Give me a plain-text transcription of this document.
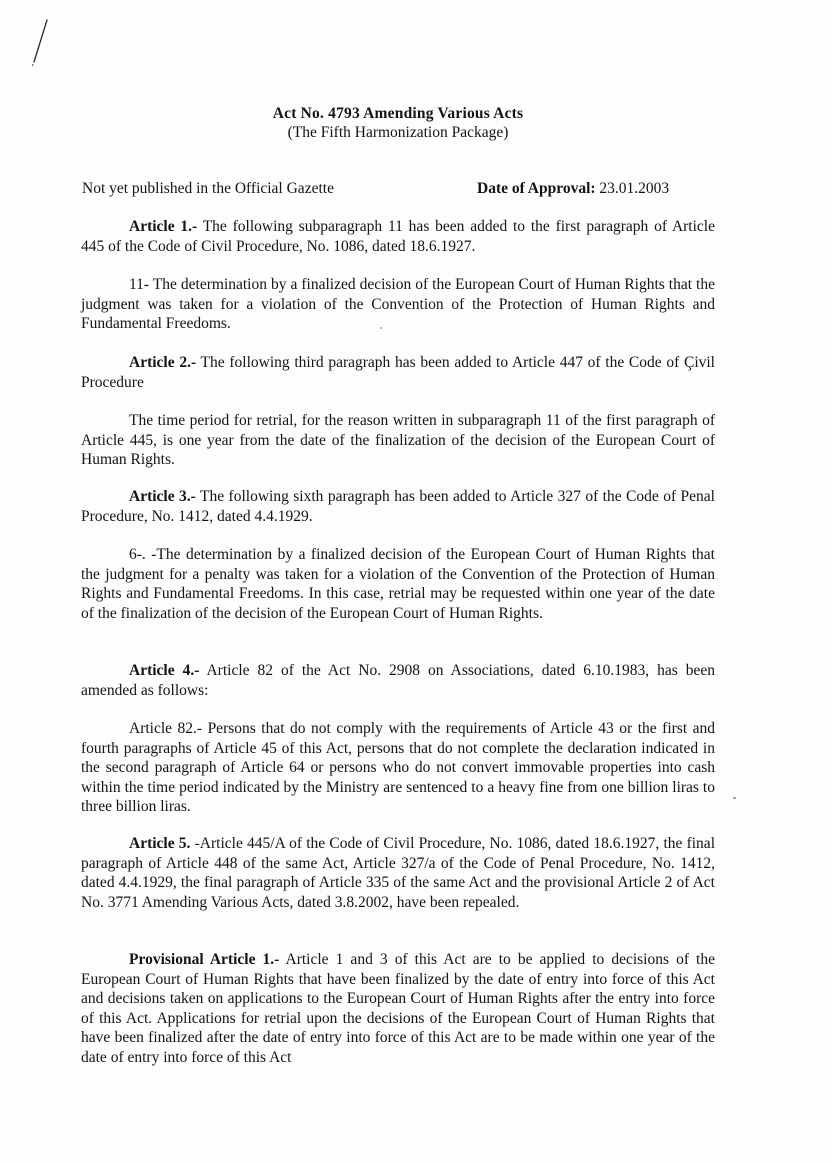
Act No. 4793 Amending Various Acts
(The Fifth Harmonization Package)
Not yet published in the Official Gazette	Date of Approval: 23.01.2003

Article 1.- The following subparagraph 11 has been added to the first paragraph of Article 445 of the Code of Civil Procedure, No. 1086, dated 18.6.1927.

11- The determination by a finalized decision of the European Court of Human Rights that the judgment was taken for a violation of the Convention of the Protection of Human Rights and Fundamental Freedoms.

Article 2.- The following third paragraph has been added to Article 447 of the Code of Çivil Procedure

The time period for retrial, for the reason written in subparagraph 11 of the first paragraph of Article 445, is one year from the date of the finalization of the decision of the European Court of Human Rights.

Article 3.- The following sixth paragraph has been added to Article 327 of the Code of Penal Procedure, No. 1412, dated 4.4.1929.

6-. -The determination by a finalized decision of the European Court of Human Rights that the judgment for a penalty was taken for a violation of the Convention of the Protection of Human Rights and Fundamental Freedoms. In this case, retrial may be requested within one year of the date of the finalization of the decision of the European Court of Human Rights.

Article 4.- Article 82 of the Act No. 2908 on Associations, dated 6.10.1983, has been amended as follows:

Article 82.- Persons that do not comply with the requirements of Article 43 or the first and fourth paragraphs of Article 45 of this Act, persons that do not complete the declaration indicated in the second paragraph of Article 64 or persons who do not convert immovable properties into cash within the time period indicated by the Ministry are sentenced to a heavy fine from one billion liras to three billion liras.

Article 5. -Article 445/A of the Code of Civil Procedure, No. 1086, dated 18.6.1927, the final paragraph of Article 448 of the same Act, Article 327/a of the Code of Penal Procedure, No. 1412, dated 4.4.1929, the final paragraph of Article 335 of the same Act and the provisional Article 2 of Act No. 3771 Amending Various Acts, dated 3.8.2002, have been repealed.

Provisional Article 1.- Article 1 and 3 of this Act are to be applied to decisions of the European Court of Human Rights that have been finalized by the date of entry into force of this Act and decisions taken on applications to the European Court of Human Rights after the entry into force of this Act. Applications for retrial upon the decisions of the European Court of Human Rights that have been finalized after the date of entry into force of this Act are to be made within one year of the date of entry into force of this Act
